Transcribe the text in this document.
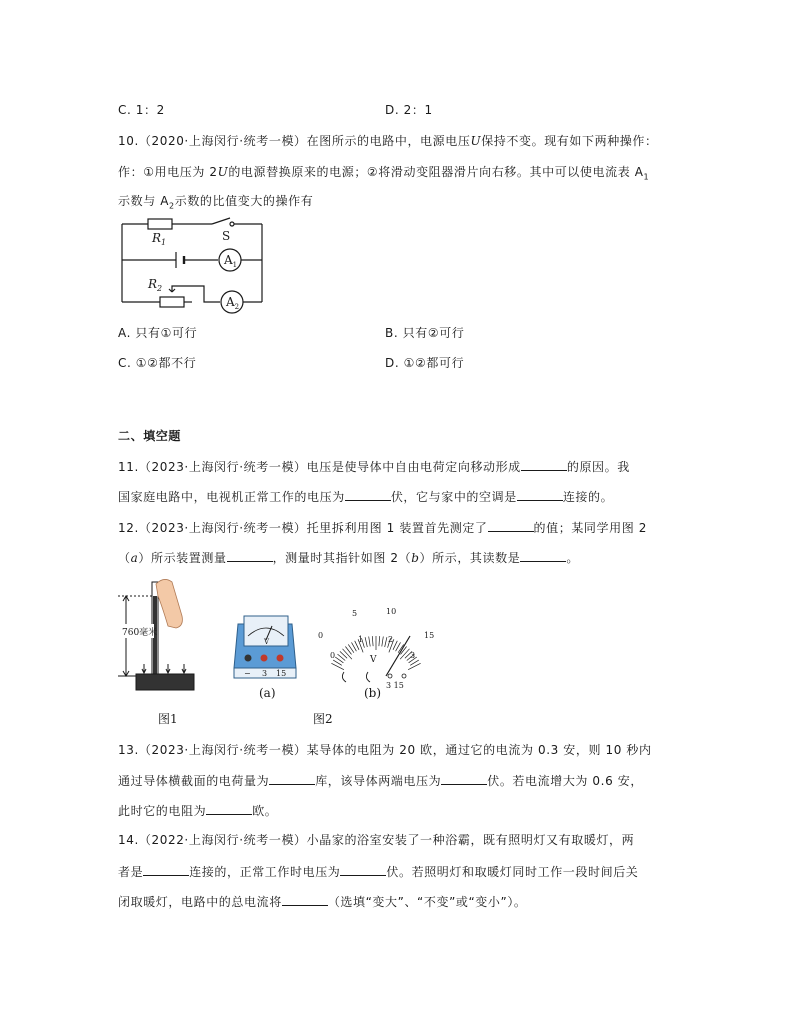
C. 1：2	D. 2：1
10.（2020·上海闵行·统考一模）在图所示的电路中，电源电压U保持不变。现有如下两种操作：
作：①用电压为 2U的电源替换原来的电源；②将滑动变阻器滑片向右移。其中可以使电流表 $A_1$
示数与 $A_2$示数的比值变大的操作有
$R_1$	S
$A_1$
$R_2$
$A_2$
A. 只有①可行	B. 只有②可行
C. ①②都不行	D. ①②都可行
二、填空题
11.（2023·上海闵行·统考一模）电压是使导体中自由电荷定向移动形成	的原因。我
国家庭电路中，电视机正常工作的电压为	伏，它与家中的空调是	连接的。
12.（2023·上海闵行·统考一模）托里拆利用图 1 装置首先测定了	的值；某同学用图 2
（a）所示装置测量	，测量时其指针如图 2（b）所示，其读数是	。
760毫米
V
− 3 15
(a)
0
5	10
15
0
1	2
3
V
3 15
(b)
图1	图2
13.（2023·上海闵行·统考一模）某导体的电阻为 20 欧，通过它的电流为 0.3 安，则 10 秒内
通过导体横截面的电荷量为	库，该导体两端电压为	伏。若电流增大为 0.6 安，
此时它的电阻为	欧。
14.（2022·上海闵行·统考一模）小晶家的浴室安装了一种浴霸，既有照明灯又有取暖灯，两
者是	连接的，正常工作时电压为	伏。若照明灯和取暖灯同时工作一段时间后关
闭取暖灯，电路中的总电流将	（选填“变大”、“不变”或“变小”）。
